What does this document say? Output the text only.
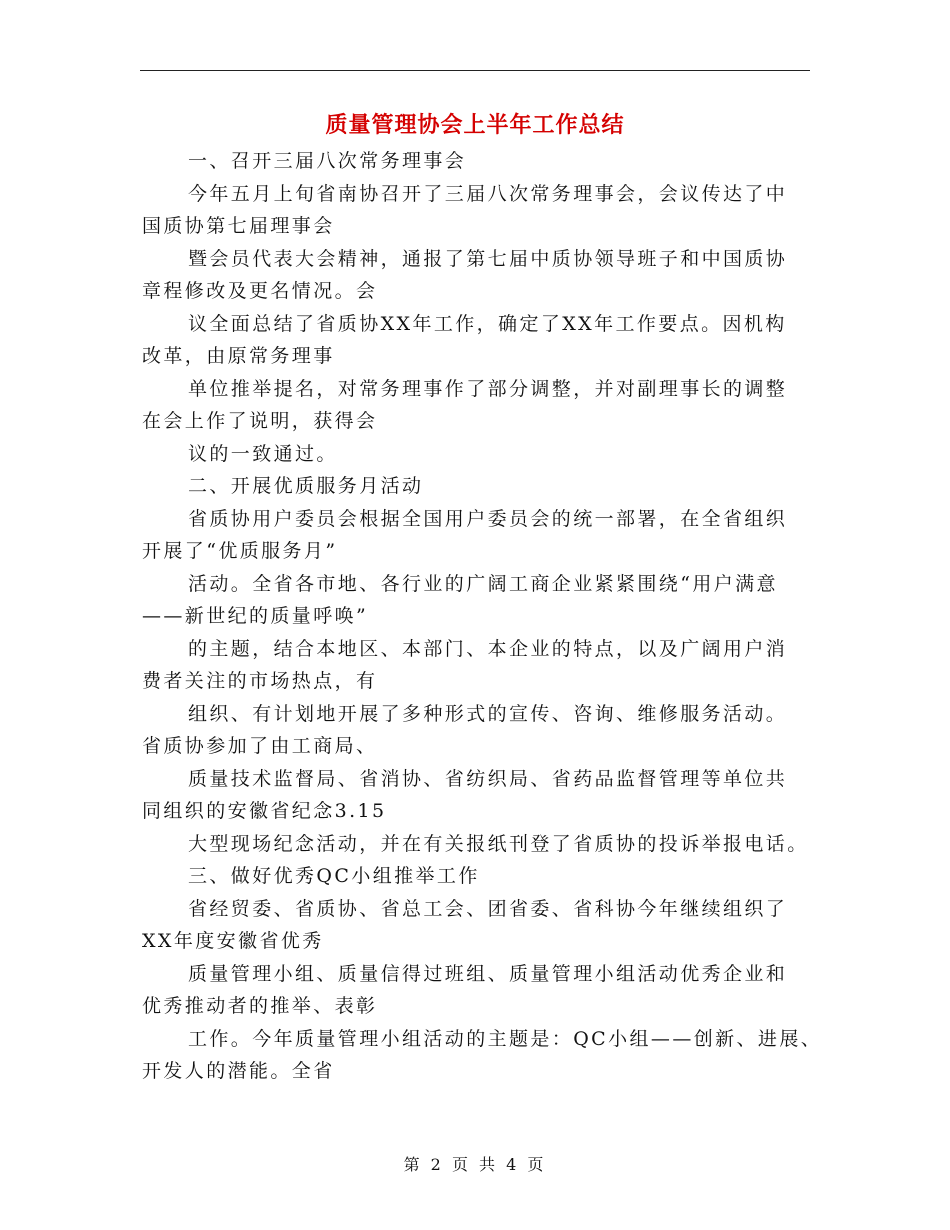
质量管理协会上半年工作总结
一、召开三届八次常务理事会
今年五月上旬省南协召开了三届八次常务理事会，会议传达了中
国质协第七届理事会
暨会员代表大会精神，通报了第七届中质协领导班子和中国质协
章程修改及更名情况。会
议全面总结了省质协XX年工作，确定了XX年工作要点。因机构
改革，由原常务理事
单位推举提名，对常务理事作了部分调整，并对副理事长的调整
在会上作了说明，获得会
议的一致通过。
二、开展优质服务月活动
省质协用户委员会根据全国用户委员会的统一部署，在全省组织
开展了“优质服务月”
活动。全省各市地、各行业的广阔工商企业紧紧围绕“用户满意
——新世纪的质量呼唤”
的主题，结合本地区、本部门、本企业的特点，以及广阔用户消
费者关注的市场热点，有
组织、有计划地开展了多种形式的宣传、咨询、维修服务活动。
省质协参加了由工商局、
质量技术监督局、省消协、省纺织局、省药品监督管理等单位共
同组织的安徽省纪念3.15
大型现场纪念活动，并在有关报纸刊登了省质协的投诉举报电话。
三、做好优秀QC小组推举工作
省经贸委、省质协、省总工会、团省委、省科协今年继续组织了
XX年度安徽省优秀
质量管理小组、质量信得过班组、质量管理小组活动优秀企业和
优秀推动者的推举、表彰
工作。今年质量管理小组活动的主题是：QC小组——创新、进展、
开发人的潜能。全省
第 2 页 共 4 页
